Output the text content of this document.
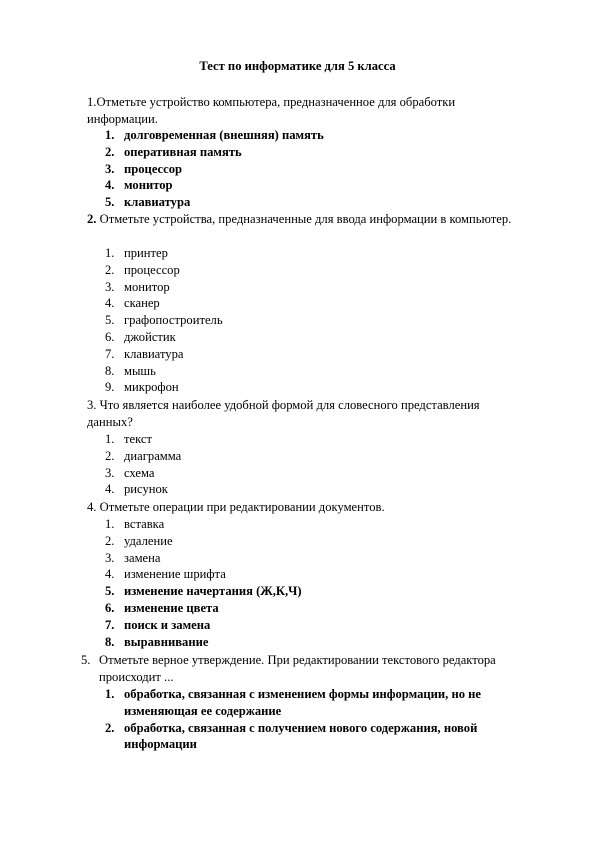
Тест по информатике для 5 класса
1.Отметьте устройство компьютера, предназначенное для обработки информации.
1. долговременная (внешняя) память
2. оперативная память
3. процессор
4. монитор
5. клавиатура
2. Отметьте устройства, предназначенные для ввода информации в компьютер.
1. принтер
2. процессор
3. монитор
4. сканер
5. графопостроитель
6. джойстик
7. клавиатура
8. мышь
9. микрофон
3. Что является наиболее удобной формой для словесного представления данных?
1. текст
2. диаграмма
3. схема
4. рисунок
4. Отметьте операции при редактировании документов.
1. вставка
2. удаление
3. замена
4. изменение шрифта
5. изменение начертания (Ж,К,Ч)
6. изменение цвета
7. поиск и замена
8. выравнивание
5. Отметьте верное утверждение. При редактировании текстового редактора происходит ...
1. обработка, связанная с изменением формы информации, но не изменяющая ее содержание
2. обработка, связанная с получением нового содержания, новой информации
